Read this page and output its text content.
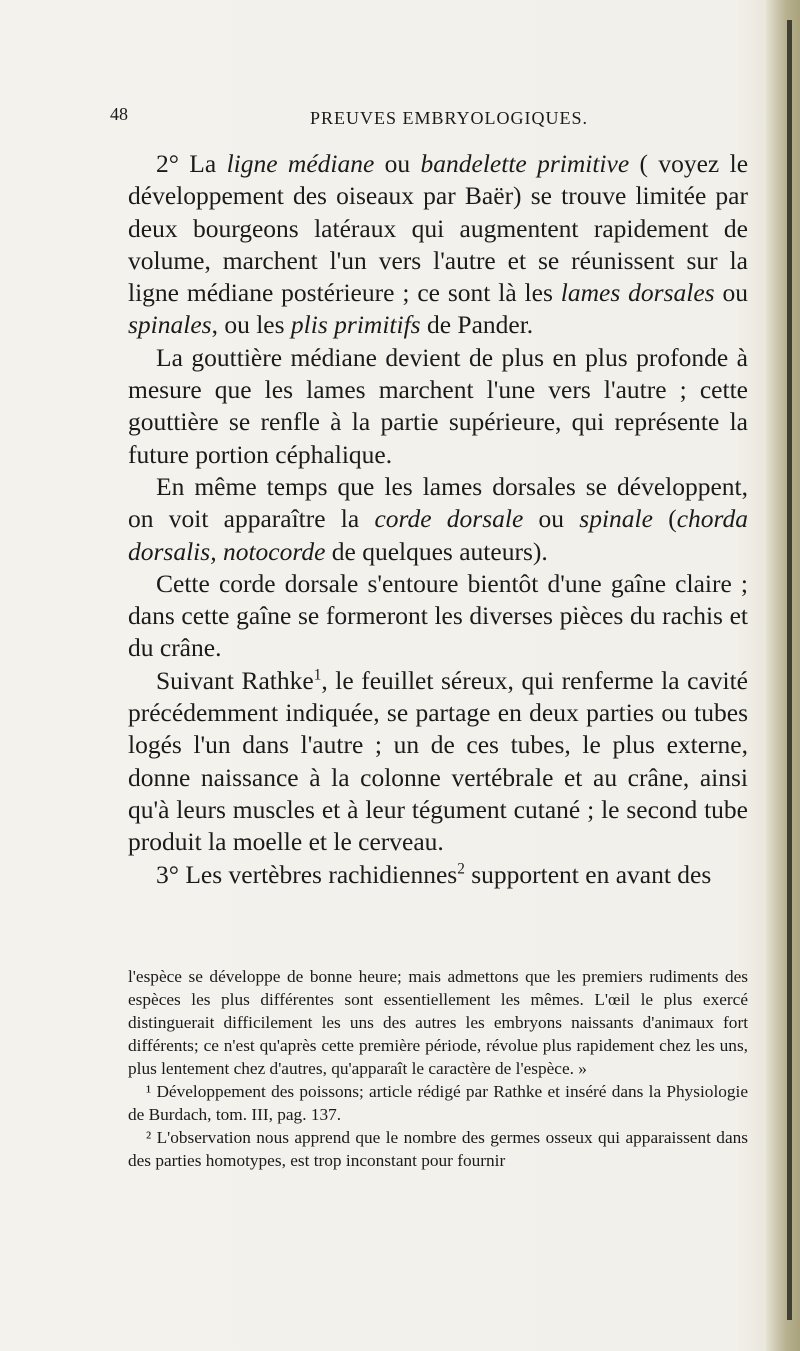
48	PREUVES EMBRYOLOGIQUES.

2° La ligne médiane ou bandelette primitive ( voyez le développement des oiseaux par Baër) se trouve limitée par deux bourgeons latéraux qui augmentent rapidement de volume, marchent l'un vers l'autre et se réunissent sur la ligne médiane postérieure ; ce sont là les lames dorsales ou spinales, ou les plis primitifs de Pander.

La gouttière médiane devient de plus en plus profonde à mesure que les lames marchent l'une vers l'autre ; cette gouttière se renfle à la partie supérieure, qui représente la future portion céphalique.

En même temps que les lames dorsales se développent, on voit apparaître la corde dorsale ou spinale (chorda dorsalis, notocorde de quelques auteurs).

Cette corde dorsale s'entoure bientôt d'une gaîne claire ; dans cette gaîne se formeront les diverses pièces du rachis et du crâne.

Suivant Rathke$^1$, le feuillet séreux, qui renferme la cavité précédemment indiquée, se partage en deux parties ou tubes logés l'un dans l'autre ; un de ces tubes, le plus externe, donne naissance à la colonne vertébrale et au crâne, ainsi qu'à leurs muscles et à leur tégument cutané ; le second tube produit la moelle et le cerveau.

3° Les vertèbres rachidiennes$^2$ supportent en avant des

l'espèce se développe de bonne heure; mais admettons que les premiers rudiments des espèces les plus différentes sont essentiellement les mêmes. L'œil le plus exercé distinguerait difficilement les uns des autres les embryons naissants d'animaux fort différents; ce n'est qu'après cette première période, révolue plus rapidement chez les uns, plus lentement chez d'autres, qu'apparaît le caractère de l'espèce. »

¹ Développement des poissons; article rédigé par Rathke et inséré dans la Physiologie de Burdach, tom. III, pag. 137.

² L'observation nous apprend que le nombre des germes osseux qui apparaissent dans des parties homotypes, est trop inconstant pour fournir
